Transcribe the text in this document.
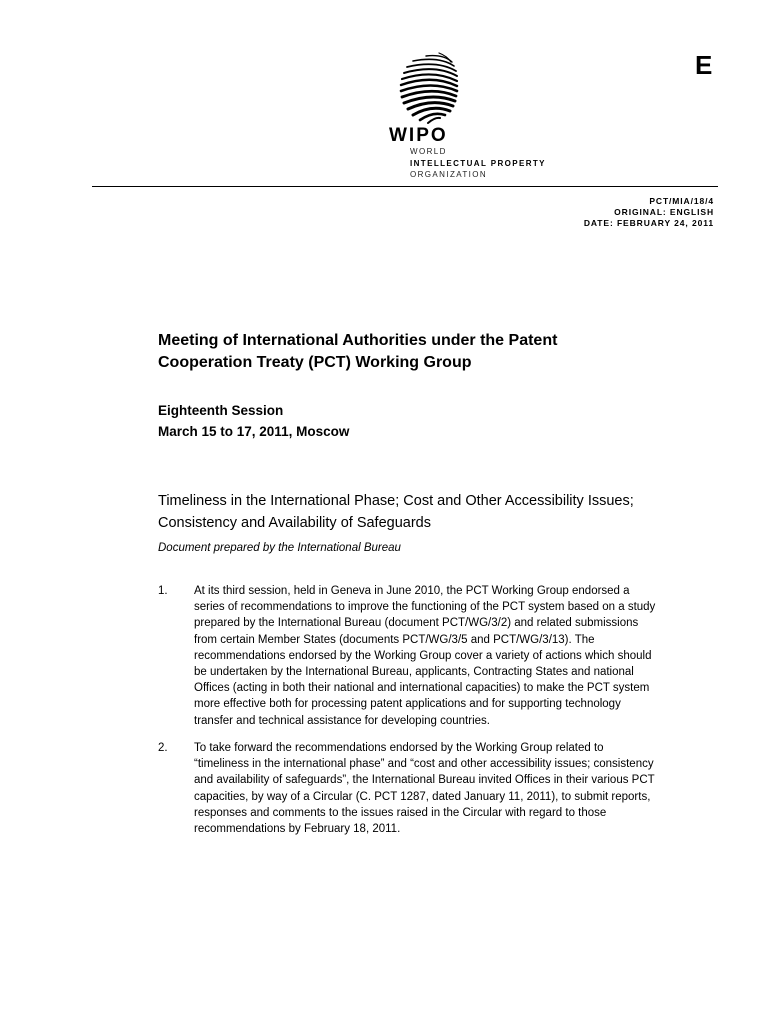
E
WIPO
WORLD
INTELLECTUAL PROPERTY
ORGANIZATION
PCT/MIA/18/4
ORIGINAL: ENGLISH
DATE: FEBRUARY 24, 2011
Meeting of International Authorities under the Patent
Cooperation Treaty (PCT) Working Group
Eighteenth Session
March 15 to 17, 2011, Moscow
Timeliness in the International Phase; Cost and Other Accessibility Issues;
Consistency and Availability of Safeguards
Document prepared by the International Bureau
1. At its third session, held in Geneva in June 2010, the PCT Working Group endorsed a
series of recommendations to improve the functioning of the PCT system based on a study
prepared by the International Bureau (document PCT/WG/3/2) and related submissions
from certain Member States (documents PCT/WG/3/5 and PCT/WG/3/13). The
recommendations endorsed by the Working Group cover a variety of actions which should
be undertaken by the International Bureau, applicants, Contracting States and national
Offices (acting in both their national and international capacities) to make the PCT system
more effective both for processing patent applications and for supporting technology
transfer and technical assistance for developing countries.
2. To take forward the recommendations endorsed by the Working Group related to
“timeliness in the international phase” and “cost and other accessibility issues; consistency
and availability of safeguards”, the International Bureau invited Offices in their various PCT
capacities, by way of a Circular (C. PCT 1287, dated January 11, 2011), to submit reports,
responses and comments to the issues raised in the Circular with regard to those
recommendations by February 18, 2011.
